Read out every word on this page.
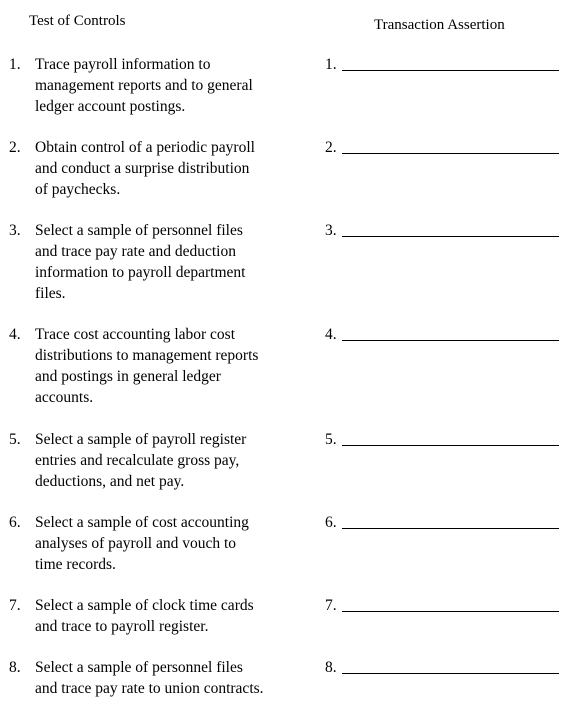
Test of Controls	Transaction Assertion
1. Trace payroll information to
management reports and to general
ledger account postings.
1.
2. Obtain control of a periodic payroll
and conduct a surprise distribution
of paychecks.
2.
3. Select a sample of personnel files
and trace pay rate and deduction
information to payroll department
files.
3.
4. Trace cost accounting labor cost
distributions to management reports
and postings in general ledger
accounts.
4.
5. Select a sample of payroll register
entries and recalculate gross pay,
deductions, and net pay.
5.
6. Select a sample of cost accounting
analyses of payroll and vouch to
time records.
6.
7. Select a sample of clock time cards
and trace to payroll register.
7.
8. Select a sample of personnel files
and trace pay rate to union contracts.
8.
